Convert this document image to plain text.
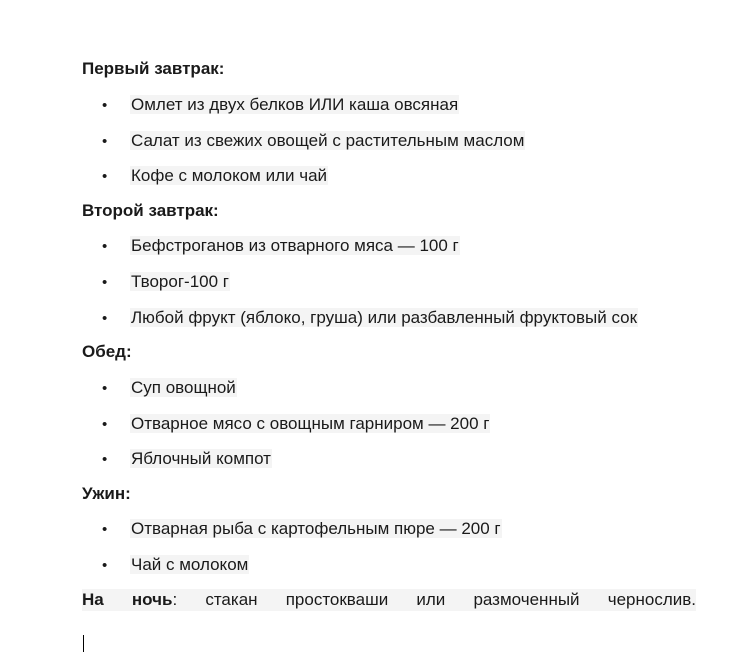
Первый завтрак:
• Омлет из двух белков ИЛИ каша овсяная
• Салат из свежих овощей с растительным маслом
• Кофе с молоком или чай
Второй завтрак:
• Бефстроганов из отварного мяса — 100 г
• Творог-100 г
• Любой фрукт (яблоко, груша) или разбавленный фруктовый сок
Обед:
• Суп овощной
• Отварное мясо с овощным гарниром — 200 г
• Яблочный компот
Ужин:
• Отварная рыба с картофельным пюре — 200 г
• Чай с молоком
На ночь: стакан простокваши или размоченный чернослив.
